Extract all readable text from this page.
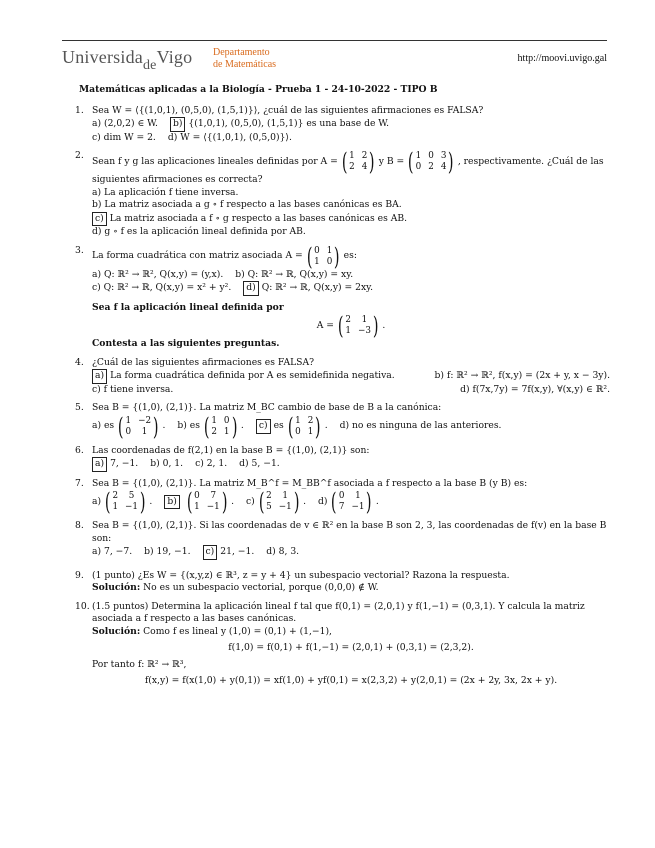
Universida$_{de}$Vigo Departamento
de Matemáticas
http://moovi.uvigo.gal
Matemáticas aplicadas a la Biología - Prueba 1 - 24-10-2022 - TIPO B
1. Sea W = ⟨{(1,0,1), (0,5,0), (1,5,1)}⟩, ¿cuál de las siguientes afirmaciones es FALSA?
a) (2,0,2) ∈ W.	b) {(1,0,1), (0,5,0), (1,5,1)} es una base de W.
c) dim W = 2. d) W = ⟨{(1,0,1), (0,5,0)}⟩.
2.
Sean f y g las aplicaciones lineales definidas por A = ( 1 2
2 4 ) y B = ( 1 0 3
0 2 4 ) , respectivamente. ¿Cuál de las
siguientes afirmaciones es correcta?
a) La aplicación f tiene inversa.
b) La matriz asociada a g ∘ f respecto a las bases canónicas es BA.
c) La matriz asociada a f ∘ g respecto a las bases canónicas es AB.
d) g ∘ f es la aplicación lineal definida por AB.
3.
La forma cuadrática con matriz asociada A = ( 0 1
1 0 ) es:
a) Q: ℝ² → ℝ², Q(x,y) = (y,x). b) Q: ℝ² → ℝ, Q(x,y) = xy.
c) Q: ℝ² → ℝ, Q(x,y) = x² + y².	d) Q: ℝ² → ℝ, Q(x,y) = 2xy.
Sea f la aplicación lineal definida por
A = ( 2	1
1 −3 ) .
Contesta a las siguientes preguntas.
4. ¿Cuál de las siguientes afirmaciones es FALSA?
a) La forma cuadrática definida por A es semidefinida negativa.	b) f: ℝ² → ℝ², f(x,y) = (2x + y, x − 3y).
c) f tiene inversa.	d) f(7x,7y) = 7f(x,y), ∀(x,y) ∈ ℝ².
5. Sea B = {(1,0), (2,1)}. La matriz M_BC cambio de base de B a la canónica:
a) es ( 1 −2
0	1 ) . b) es ( 1 0
2 1 ) .	c) es ( 1 2
0 1 ) . d) no es ninguna de las anteriores.
6. Las coordenadas de f(2,1) en la base B = {(1,0), (2,1)} son:
a) 7, −1. b) 0, 1. c) 2, 1. d) 5, −1.
7. Sea B = {(1,0), (2,1)}. La matriz M_B^f = M_BB^f asociada a f respecto a la base B (y B) es:
a) ( 2	5
1 −1 ) .	b) ( 0	7
1 −1 ) . c) ( 2	1
5 −1 ) . d) ( 0	1
7 −1 ) .
8. Sea B = {(1,0), (2,1)}. Si las coordenadas de v ∈ ℝ² en la base B son 2, 3, las coordenadas de f(v) en la base B son:
a) 7, −7. b) 19, −1.	c) 21, −1. d) 8, 3.
9. (1 punto) ¿Es W = {(x,y,z) ∈ ℝ³, z = y + 4} un subespacio vectorial? Razona la respuesta.
Solución: No es un subespacio vectorial, porque (0,0,0) ∉ W.
10. (1.5 puntos) Determina la aplicación lineal f tal que f(0,1) = (2,0,1) y f(1,−1) = (0,3,1). Y calcula la matriz asociada a f respecto a las bases canónicas.
Solución: Como f es lineal y (1,0) = (0,1) + (1,−1),
f(1,0) = f(0,1) + f(1,−1) = (2,0,1) + (0,3,1) = (2,3,2).
Por tanto f: ℝ² → ℝ³,
f(x,y) = f(x(1,0) + y(0,1)) = xf(1,0) + yf(0,1) = x(2,3,2) + y(2,0,1) = (2x + 2y, 3x, 2x + y).
